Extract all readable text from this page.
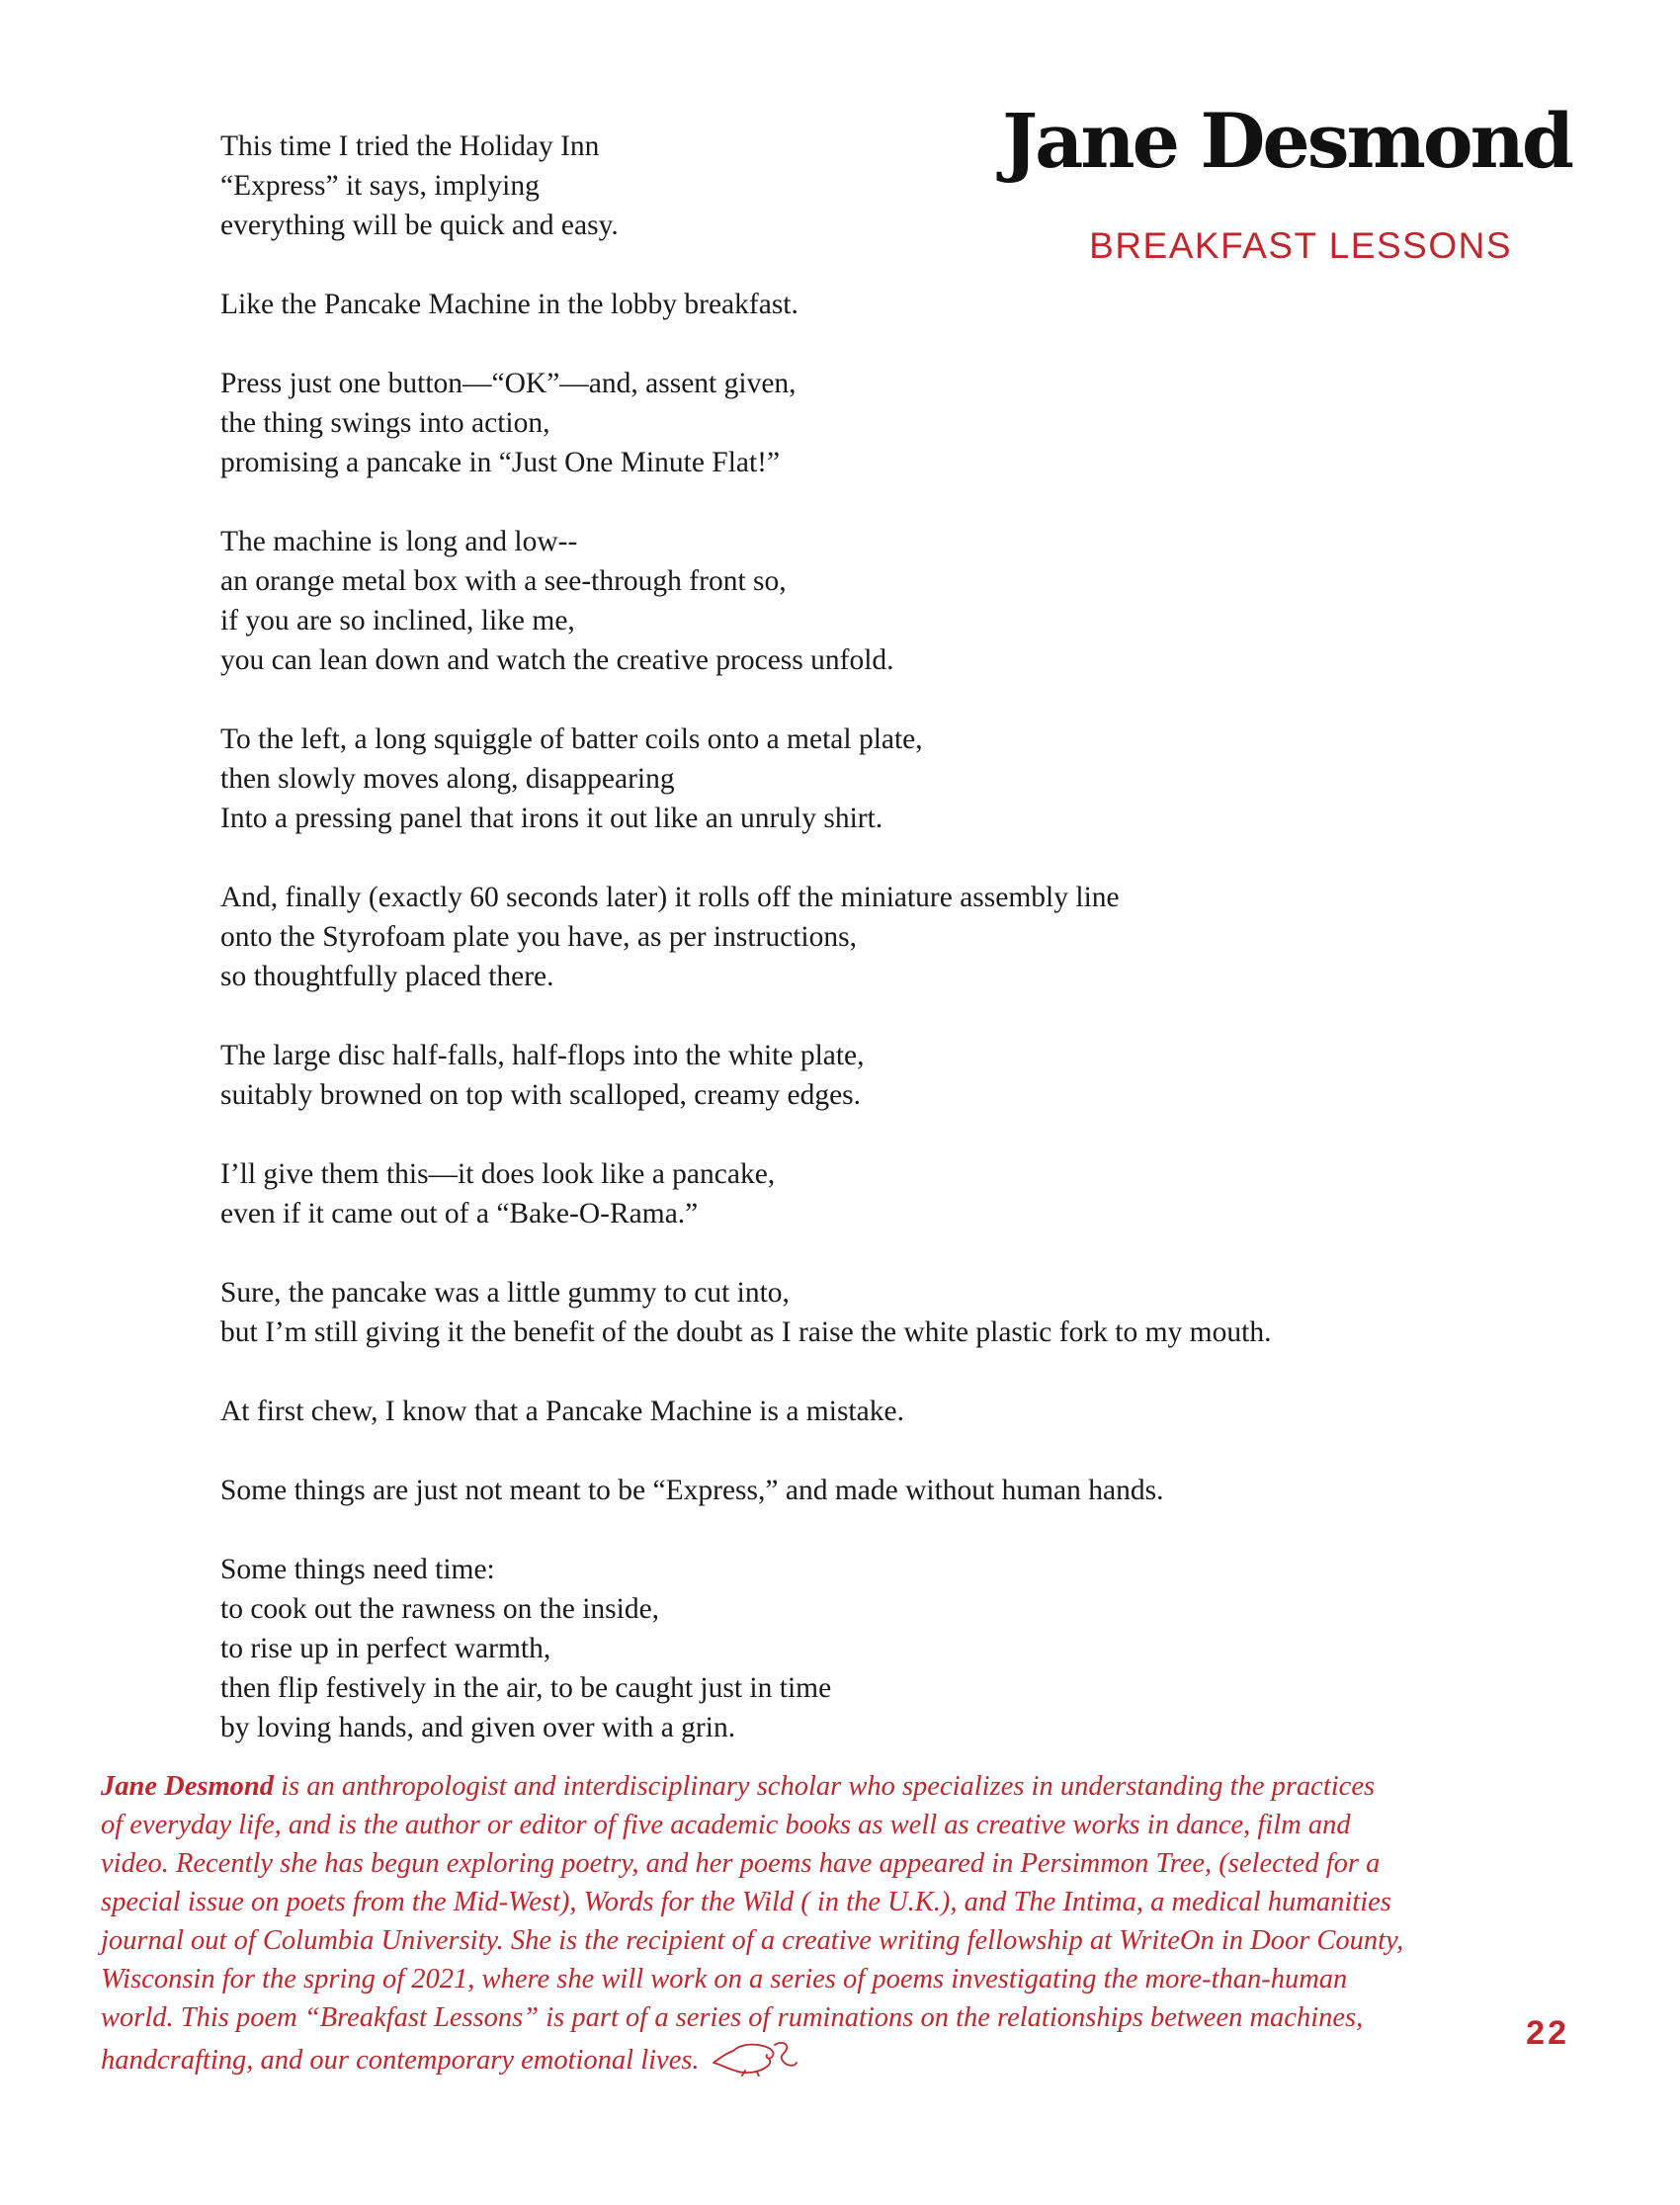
Jane Desmond
BREAKFAST LESSONS
This time I tried the Holiday Inn
“Express” it says, implying
everything will be quick and easy.
Like the Pancake Machine in the lobby breakfast.
Press just one button—“OK”—and, assent given,
the thing swings into action,
promising a pancake in “Just One Minute Flat!”
The machine is long and low--
an orange metal box with a see-through front so,
if you are so inclined, like me,
you can lean down and watch the creative process unfold.
To the left, a long squiggle of batter coils onto a metal plate,
then slowly moves along, disappearing
Into a pressing panel that irons it out like an unruly shirt.
And, finally (exactly 60 seconds later) it rolls off the miniature assembly line
onto the Styrofoam plate you have, as per instructions,
so thoughtfully placed there.
The large disc half-falls, half-flops into the white plate,
suitably browned on top with scalloped, creamy edges.
I’ll give them this—it does look like a pancake,
even if it came out of a “Bake-O-Rama.”
Sure, the pancake was a little gummy to cut into,
but I’m still giving it the benefit of the doubt as I raise the white plastic fork to my mouth.
At first chew, I know that a Pancake Machine is a mistake.
Some things are just not meant to be “Express,” and made without human hands.
Some things need time:
to cook out the rawness on the inside,
to rise up in perfect warmth,
then flip festively in the air, to be caught just in time
by loving hands, and given over with a grin.
Jane Desmond is an anthropologist and interdisciplinary scholar who specializes in understanding the practices
of everyday life, and is the author or editor of five academic books as well as creative works in dance, film and
video. Recently she has begun exploring poetry, and her poems have appeared in Persimmon Tree, (selected for a
special issue on poets from the Mid-West), Words for the Wild ( in the U.K.), and The Intima, a medical humanities
journal out of Columbia University. She is the recipient of a creative writing fellowship at WriteOn in Door County,
Wisconsin for the spring of 2021, where she will work on a series of poems investigating the more-than-human
world. This poem “Breakfast Lessons” is part of a series of ruminations on the relationships between machines,
handcrafting, and our contemporary emotional lives.
22
